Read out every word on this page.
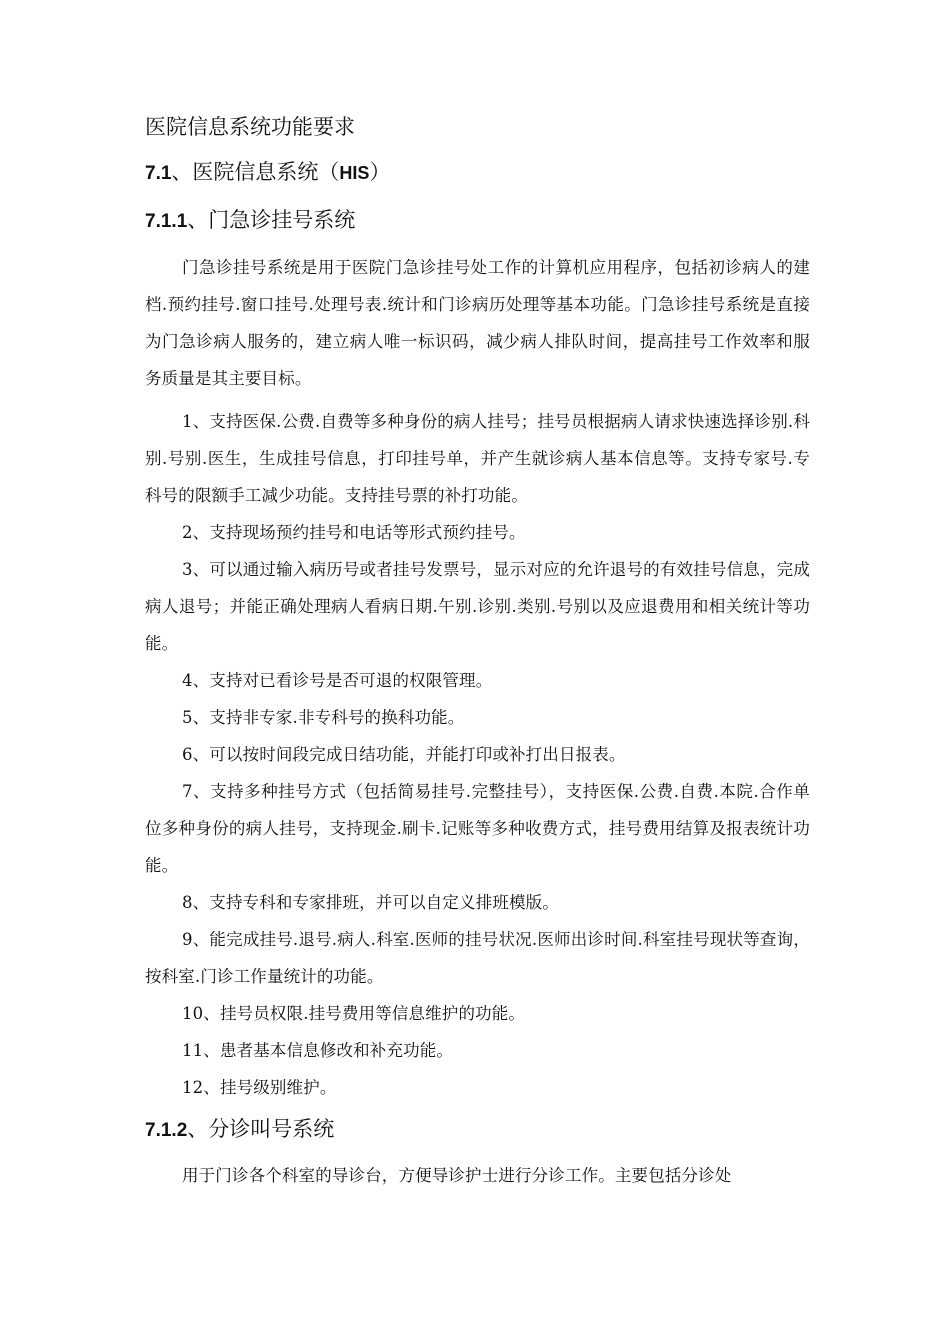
医院信息系统功能要求
7.1、医院信息系统（HIS）
7.1.1、门急诊挂号系统

门急诊挂号系统是用于医院门急诊挂号处工作的计算机应用程序，包括初诊病人的建档.预约挂号.窗口挂号.处理号表.统计和门诊病历处理等基本功能。门急诊挂号系统是直接为门急诊病人服务的，建立病人唯一标识码，减少病人排队时间，提高挂号工作效率和服务质量是其主要目标。

1、支持医保.公费.自费等多种身份的病人挂号；挂号员根据病人请求快速选择诊别.科别.号别.医生，生成挂号信息，打印挂号单，并产生就诊病人基本信息等。支持专家号.专科号的限额手工减少功能。支持挂号票的补打功能。

2、支持现场预约挂号和电话等形式预约挂号。

3、可以通过输入病历号或者挂号发票号，显示对应的允许退号的有效挂号信息，完成病人退号；并能正确处理病人看病日期.午别.诊别.类别.号别以及应退费用和相关统计等功能。

4、支持对已看诊号是否可退的权限管理。

5、支持非专家.非专科号的换科功能。

6、可以按时间段完成日结功能，并能打印或补打出日报表。

7、支持多种挂号方式（包括简易挂号.完整挂号），支持医保.公费.自费.本院.合作单位多种身份的病人挂号，支持现金.刷卡.记账等多种收费方式，挂号费用结算及报表统计功能。

8、支持专科和专家排班，并可以自定义排班模版。

9、能完成挂号.退号.病人.科室.医师的挂号状况.医师出诊时间.科室挂号现状等查询，按科室.门诊工作量统计的功能。

10、挂号员权限.挂号费用等信息维护的功能。

11、患者基本信息修改和补充功能。

12、挂号级别维护。

7.1.2、分诊叫号系统

用于门诊各个科室的导诊台，方便导诊护士进行分诊工作。主要包括分诊处
